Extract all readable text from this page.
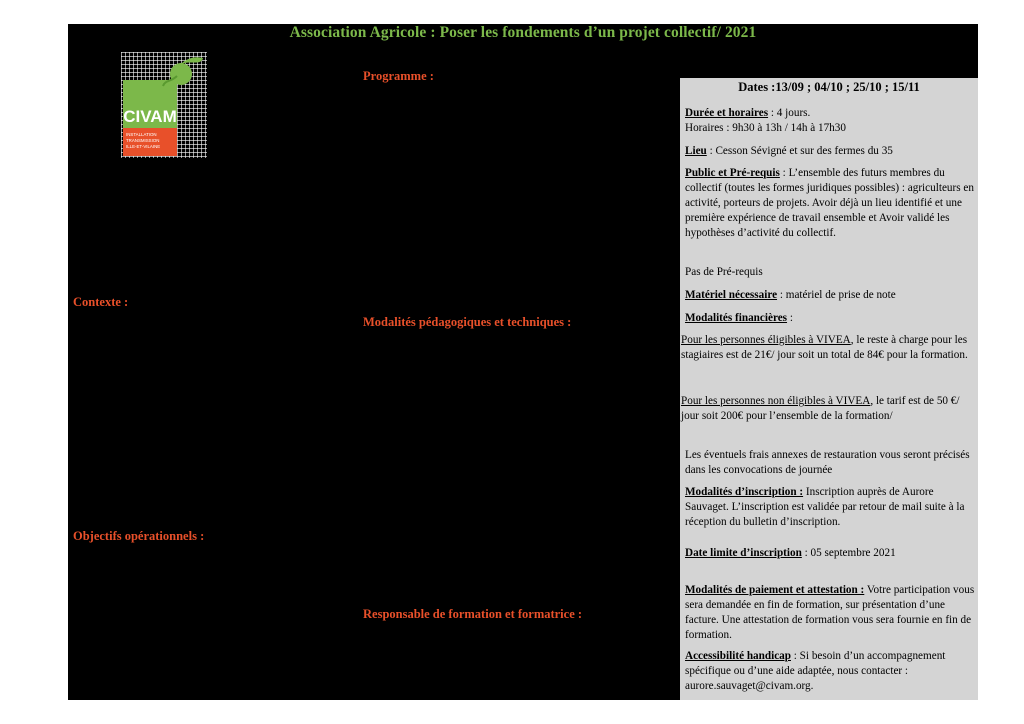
Association Agricole : Poser les fondements d’un projet collectif/ 2021
CIVAM
INSTALLATION
TRANSMISSION
ILLE-ET-VILAINE
Programme :
Contexte :
Modalités pédagogiques et techniques :
Objectifs opérationnels :
Responsable de formation et formatrice :
Dates :13/09 ; 04/10 ; 25/10 ; 15/11
Durée et horaires : 4 jours.
Horaires : 9h30 à 13h / 14h à 17h30
Lieu : Cesson Sévigné et sur des fermes du 35
Public et Pré-requis : L’ensemble des futurs membres du collectif (toutes les formes juridiques possibles) : agriculteurs en activité, porteurs de projets. Avoir déjà un lieu identifié et une première expérience de travail ensemble et Avoir validé les hypothèses d’activité du collectif.
Pas de Pré-requis
Matériel nécessaire : matériel de prise de note
Modalités financières :
Pour les personnes éligibles à VIVEA, le reste à charge pour les stagiaires est de 21€/ jour soit un total de 84€ pour la formation.
Pour les personnes non éligibles à VIVEA, le tarif est de 50 €/ jour soit 200€ pour l’ensemble de la formation/
Les éventuels frais annexes de restauration vous seront précisés dans les convocations de journée
Modalités d’inscription : Inscription auprès de Aurore Sauvaget. L’inscription est validée par retour de mail suite à la réception du bulletin d’inscription.
Date limite d’inscription : 05 septembre 2021
Modalités de paiement et attestation : Votre participation vous sera demandée en fin de formation, sur présentation d’une facture. Une attestation de formation vous sera fournie en fin de formation.
Accessibilité handicap : Si besoin d’un accompagnement spécifique ou d’une aide adaptée, nous contacter : aurore.sauvaget@civam.org.
